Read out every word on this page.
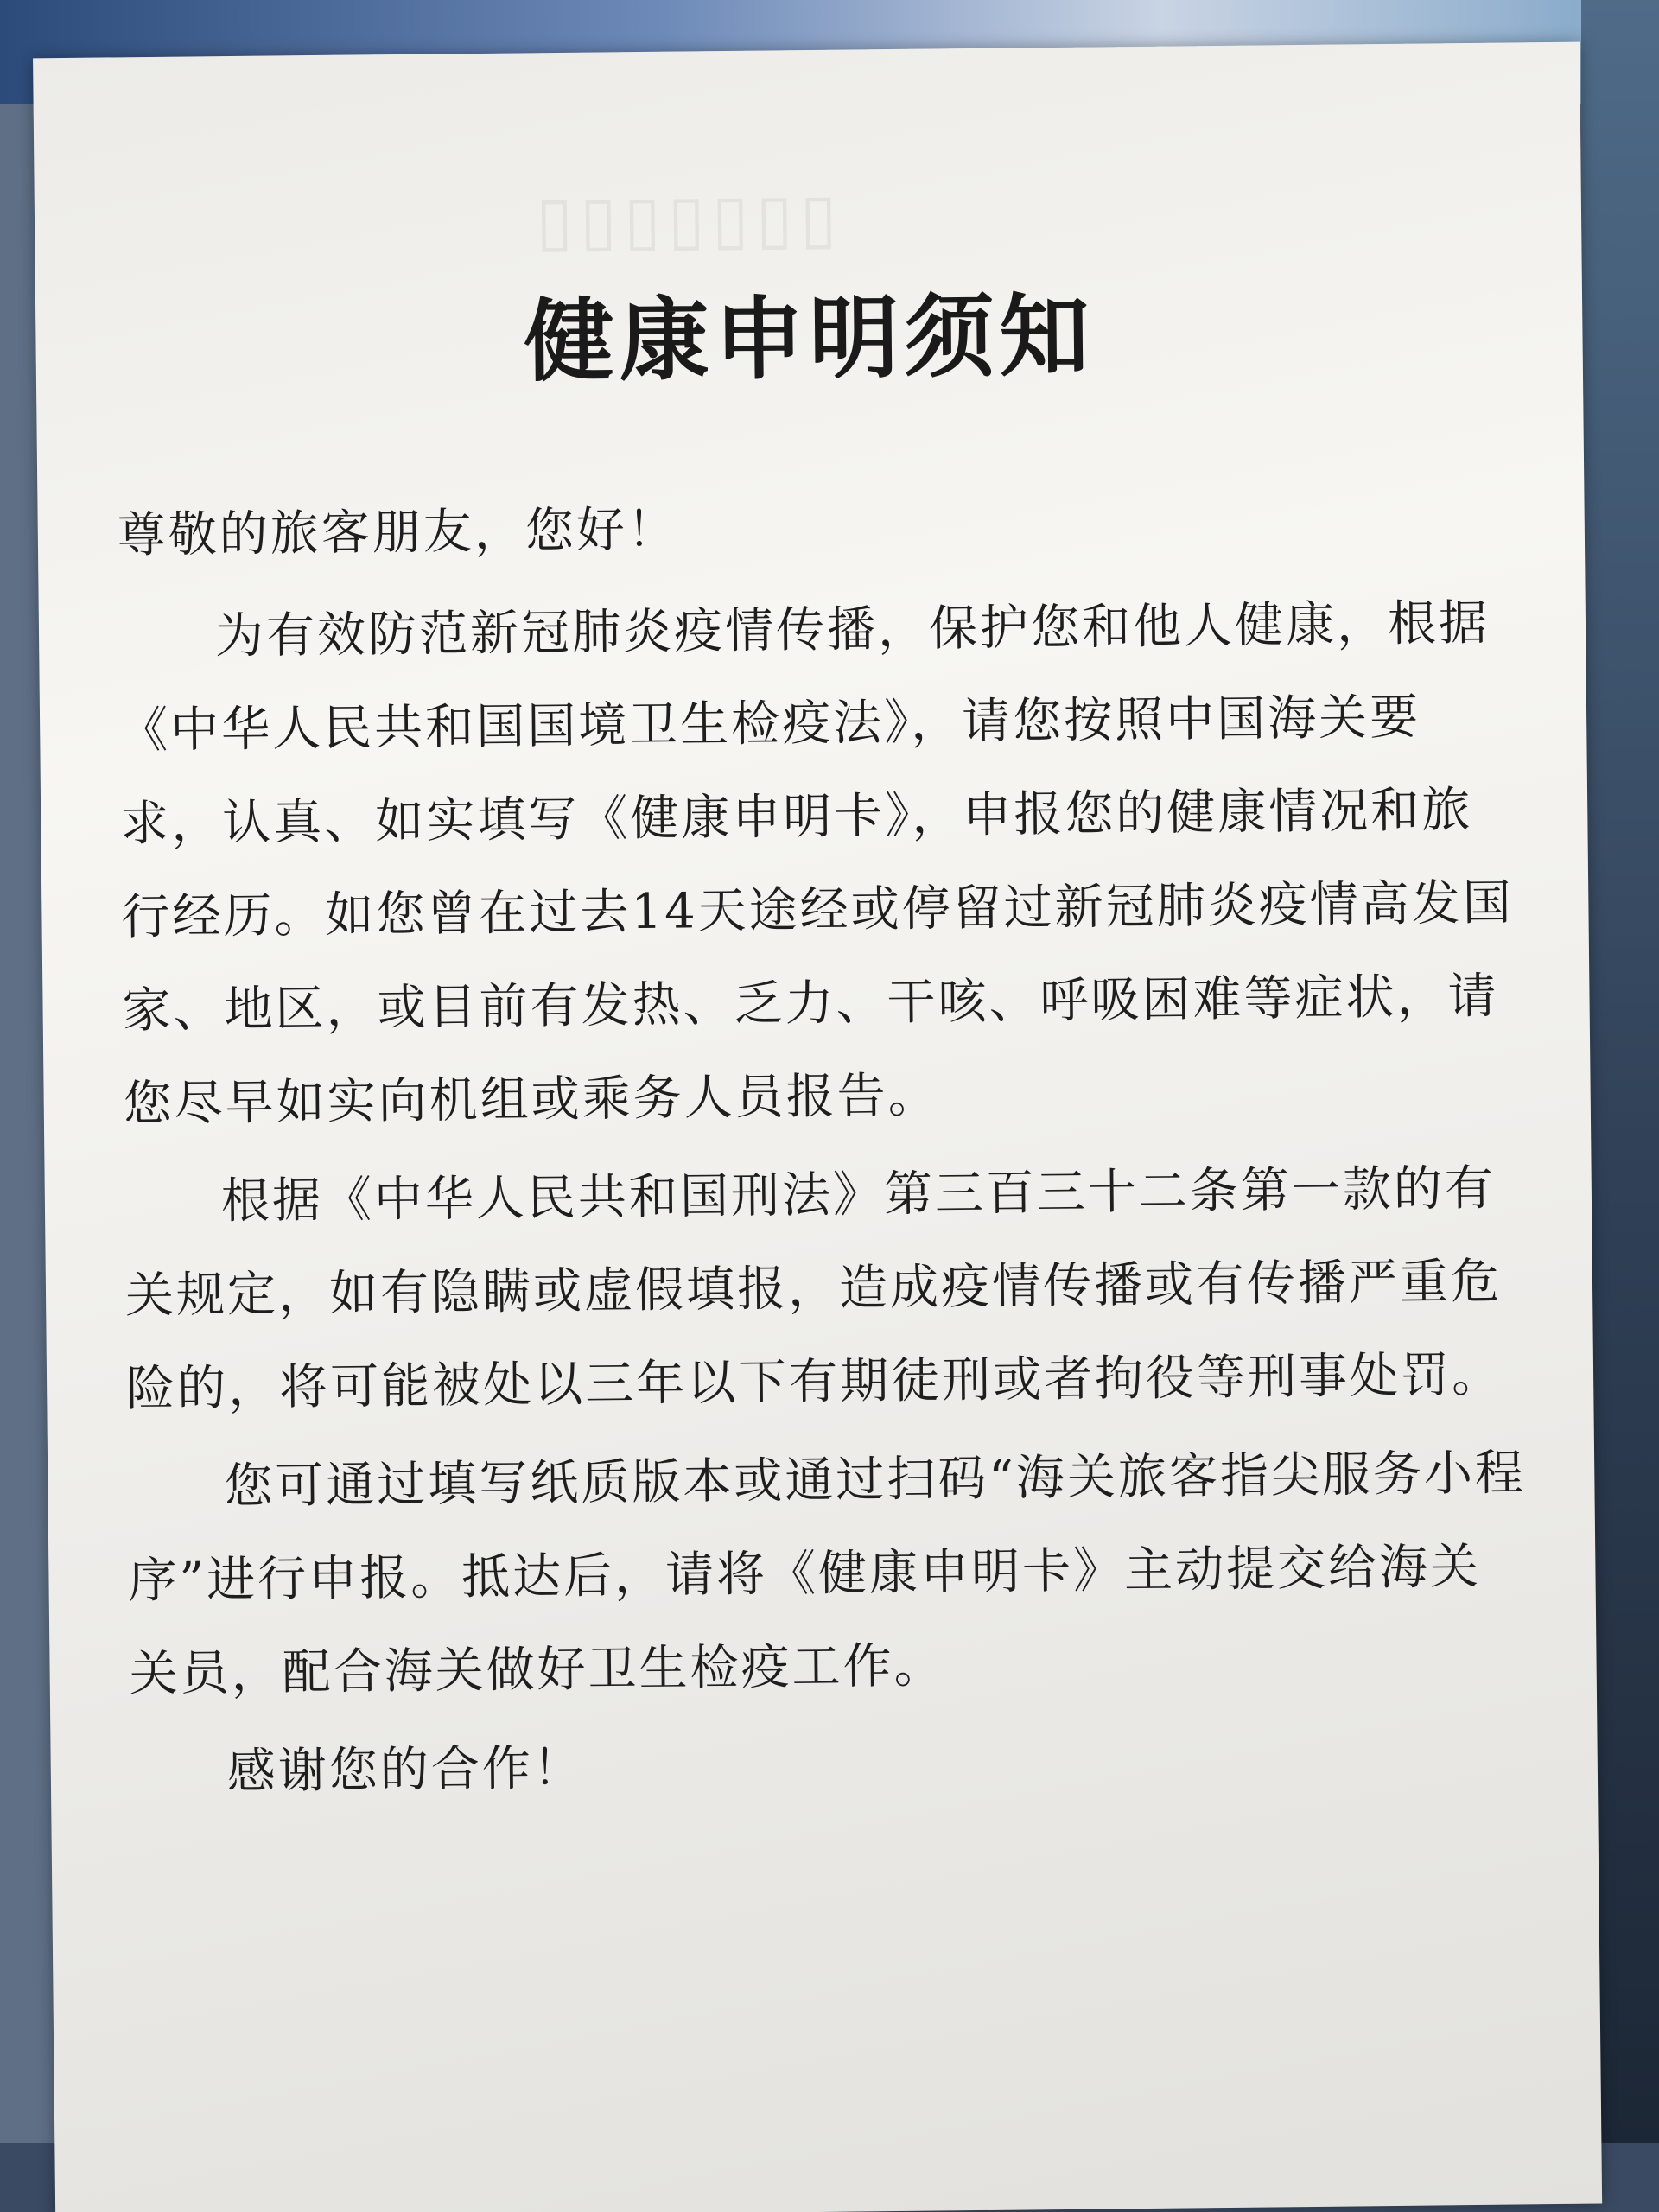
▯▯▯▯▯▯▯
健康申明须知

尊敬的旅客朋友，您好！

为有效防范新冠肺炎疫情传播，保护您和他人健康，根据《中华人民共和国国境卫生检疫法》，请您按照中国海关要求，认真、如实填写《健康申明卡》，申报您的健康情况和旅行经历。如您曾在过去14天途经或停留过新冠肺炎疫情高发国家、地区，或目前有发热、乏力、干咳、呼吸困难等症状，请您尽早如实向机组或乘务人员报告。

根据《中华人民共和国刑法》第三百三十二条第一款的有关规定，如有隐瞒或虚假填报，造成疫情传播或有传播严重危险的，将可能被处以三年以下有期徒刑或者拘役等刑事处罚。

您可通过填写纸质版本或通过扫码“海关旅客指尖服务小程序”进行申报。抵达后，请将《健康申明卡》主动提交给海关关员，配合海关做好卫生检疫工作。

感谢您的合作！
